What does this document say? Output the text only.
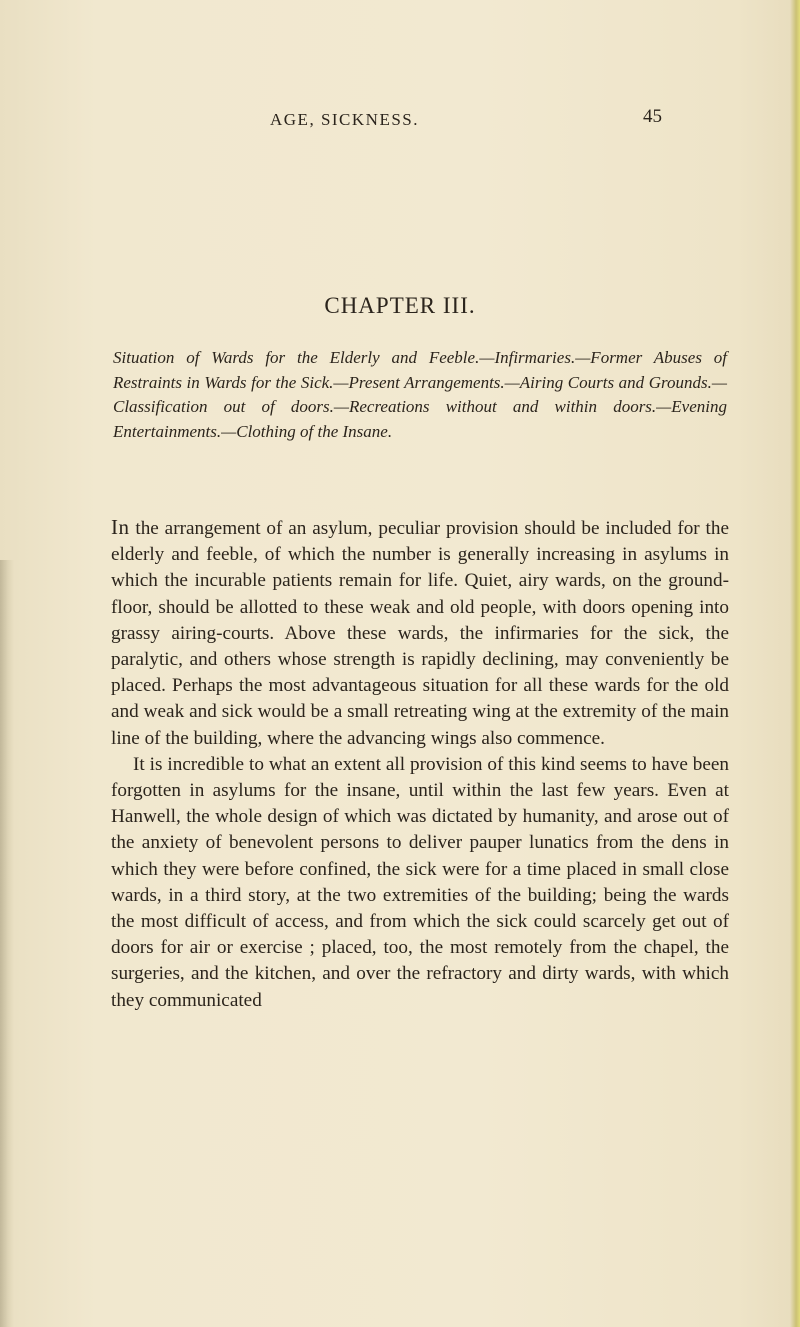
AGE, SICKNESS.	45
CHAPTER III.
Situation of Wards for the Elderly and Feeble.—Infirmaries.—Former Abuses of Restraints in Wards for the Sick.—Present Arrangements.—Airing Courts and Grounds.—Classification out of doors.—Recreations without and within doors.—Evening Entertainments.—Clothing of the Insane.

In the arrangement of an asylum, peculiar provision should be included for the elderly and feeble, of which the number is generally increasing in asylums in which the incurable patients remain for life. Quiet, airy wards, on the ground-floor, should be allotted to these weak and old people, with doors opening into grassy airing-courts. Above these wards, the infirmaries for the sick, the paralytic, and others whose strength is rapidly declining, may conveniently be placed. Perhaps the most advantageous situation for all these wards for the old and weak and sick would be a small retreating wing at the extremity of the main line of the building, where the advancing wings also commence.

It is incredible to what an extent all provision of this kind seems to have been forgotten in asylums for the insane, until within the last few years. Even at Hanwell, the whole design of which was dictated by humanity, and arose out of the anxiety of benevolent persons to deliver pauper lunatics from the dens in which they were before confined, the sick were for a time placed in small close wards, in a third story, at the two extremities of the building; being the wards the most difficult of access, and from which the sick could scarcely get out of doors for air or exercise ; placed, too, the most remotely from the chapel, the surgeries, and the kitchen, and over the refractory and dirty wards, with which they communicated
